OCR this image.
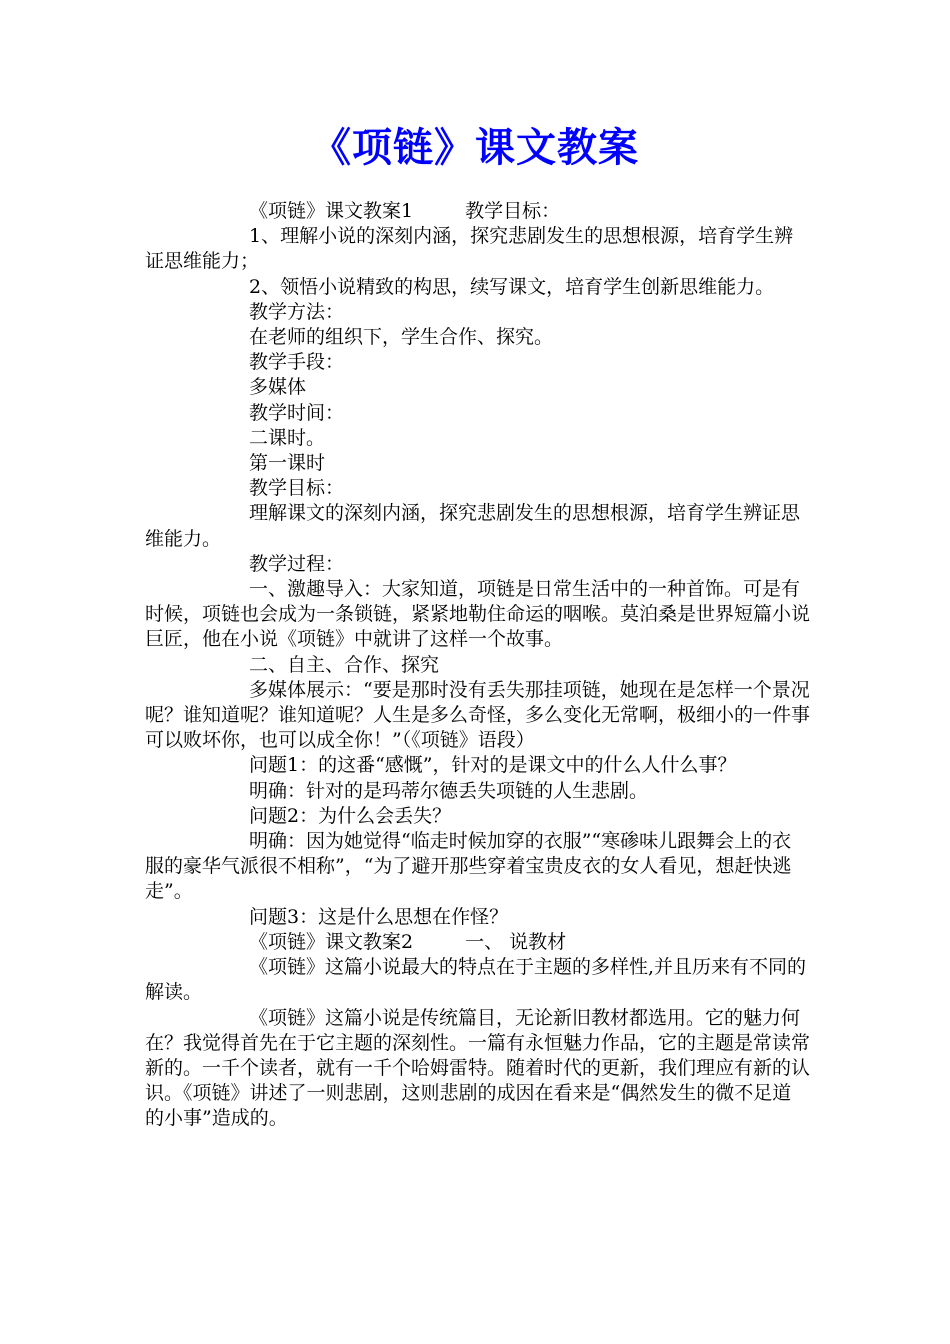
《项链》课文教案

《项链》课文教案1	教学目标：

1、理解小说的深刻内涵，探究悲剧发生的思想根源，培育学生辨证思维能力；

2、领悟小说精致的构思，续写课文，培育学生创新思维能力。

教学方法：

在老师的组织下，学生合作、探究。

教学手段：

多媒体

教学时间：

二课时。

第一课时

教学目标：

理解课文的深刻内涵，探究悲剧发生的思想根源，培育学生辨证思维能力。

教学过程：

一、激趣导入：大家知道，项链是日常生活中的一种首饰。可是有时候，项链也会成为一条锁链，紧紧地勒住命运的咽喉。莫泊桑是世界短篇小说巨匠，他在小说《项链》中就讲了这样一个故事。

二、自主、合作、探究

多媒体展示：“要是那时没有丢失那挂项链，她现在是怎样一个景况呢？谁知道呢？谁知道呢？人生是多么奇怪，多么变化无常啊，极细小的一件事可以败坏你，也可以成全你！”（《项链》语段）

问题1：的这番“感慨”，针对的是课文中的什么人什么事？

明确：针对的是玛蒂尔德丢失项链的人生悲剧。

问题2：为什么会丢失？

明确：因为她觉得“临走时候加穿的衣服”“寒碜味儿跟舞会上的衣服的豪华气派很不相称”，“为了避开那些穿着宝贵皮衣的女人看见，想赶快逃走”。

问题3：这是什么思想在作怪？

《项链》课文教案2	一、 说教材

《项链》这篇小说最大的特点在于主题的多样性,并且历来有不同的解读。

《项链》这篇小说是传统篇目，无论新旧教材都选用。它的魅力何在？我觉得首先在于它主题的深刻性。一篇有永恒魅力作品，它的主题是常读常新的。一千个读者，就有一千个哈姆雷特。随着时代的更新，我们理应有新的认识。《项链》讲述了一则悲剧，这则悲剧的成因在看来是“偶然发生的微不足道的小事”造成的。
